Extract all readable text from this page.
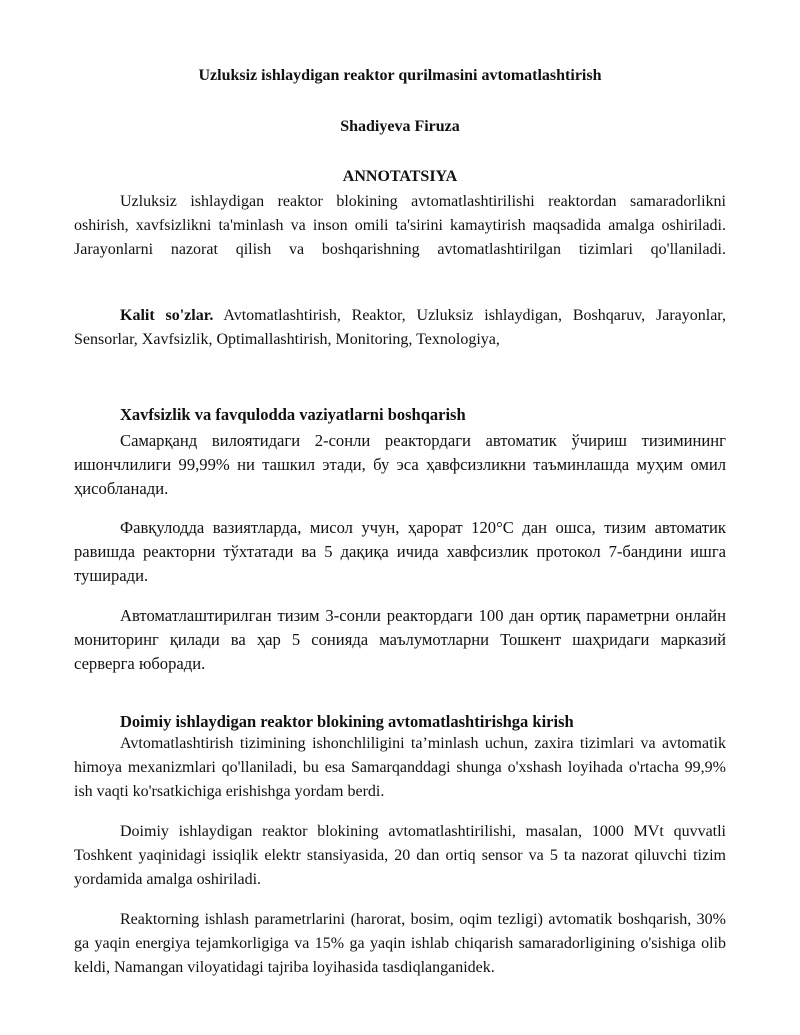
Uzluksiz ishlaydigan reaktor qurilmasini avtomatlashtirish

Shadiyeva Firuza

ANNOTATSIYA

Uzluksiz ishlaydigan reaktor blokining avtomatlashtirilishi reaktordan samaradorlikni oshirish, xavfsizlikni ta'minlash va inson omili ta'sirini kamaytirish maqsadida amalga oshiriladi. Jarayonlarni nazorat qilish va boshqarishning avtomatlashtirilgan tizimlari qo'llaniladi.

Kalit so'zlar. Avtomatlashtirish, Reaktor, Uzluksiz ishlaydigan, Boshqaruv, Jarayonlar, Sensorlar, Xavfsizlik, Optimallashtirish, Monitoring, Texnologiya,

Xavfsizlik va favqulodda vaziyatlarni boshqarish

Самарқанд вилоятидаги 2-сонли реактордаги автоматик ўчириш тизимининг ишончлилиги 99,99% ни ташкил этади, бу эса ҳавфсизликни таъминлашда муҳим омил ҳисобланади.

Фавқулодда вазиятларда, мисол учун, ҳарорат 120°C дан ошса, тизим автоматик равишда реакторни тўхтатади ва 5 дақиқа ичида хавфсизлик протокол 7-бандини ишга туширади.

Автоматлаштирилган тизим 3-сонли реактордаги 100 дан ортиқ параметрни онлайн мониторинг қилади ва ҳар 5 сонияда маълумотларни Тошкент шаҳридаги марказий серверга юборади.

Doimiy ishlaydigan reaktor blokining avtomatlashtirishga kirish

Avtomatlashtirish tizimining ishonchliligini ta’minlash uchun, zaxira tizimlari va avtomatik himoya mexanizmlari qo'llaniladi, bu esa Samarqanddagi shunga o'xshash loyihada o'rtacha 99,9% ish vaqti ko'rsatkichiga erishishga yordam berdi.

Doimiy ishlaydigan reaktor blokining avtomatlashtirilishi, masalan, 1000 MVt quvvatli Toshkent yaqinidagi issiqlik elektr stansiyasida, 20 dan ortiq sensor va 5 ta nazorat qiluvchi tizim yordamida amalga oshiriladi.

Reaktorning ishlash parametrlarini (harorat, bosim, oqim tezligi) avtomatik boshqarish, 30% ga yaqin energiya tejamkorligiga va 15% ga yaqin ishlab chiqarish samaradorligining o'sishiga olib keldi, Namangan viloyatidagi tajriba loyihasida tasdiqlanganidek.
